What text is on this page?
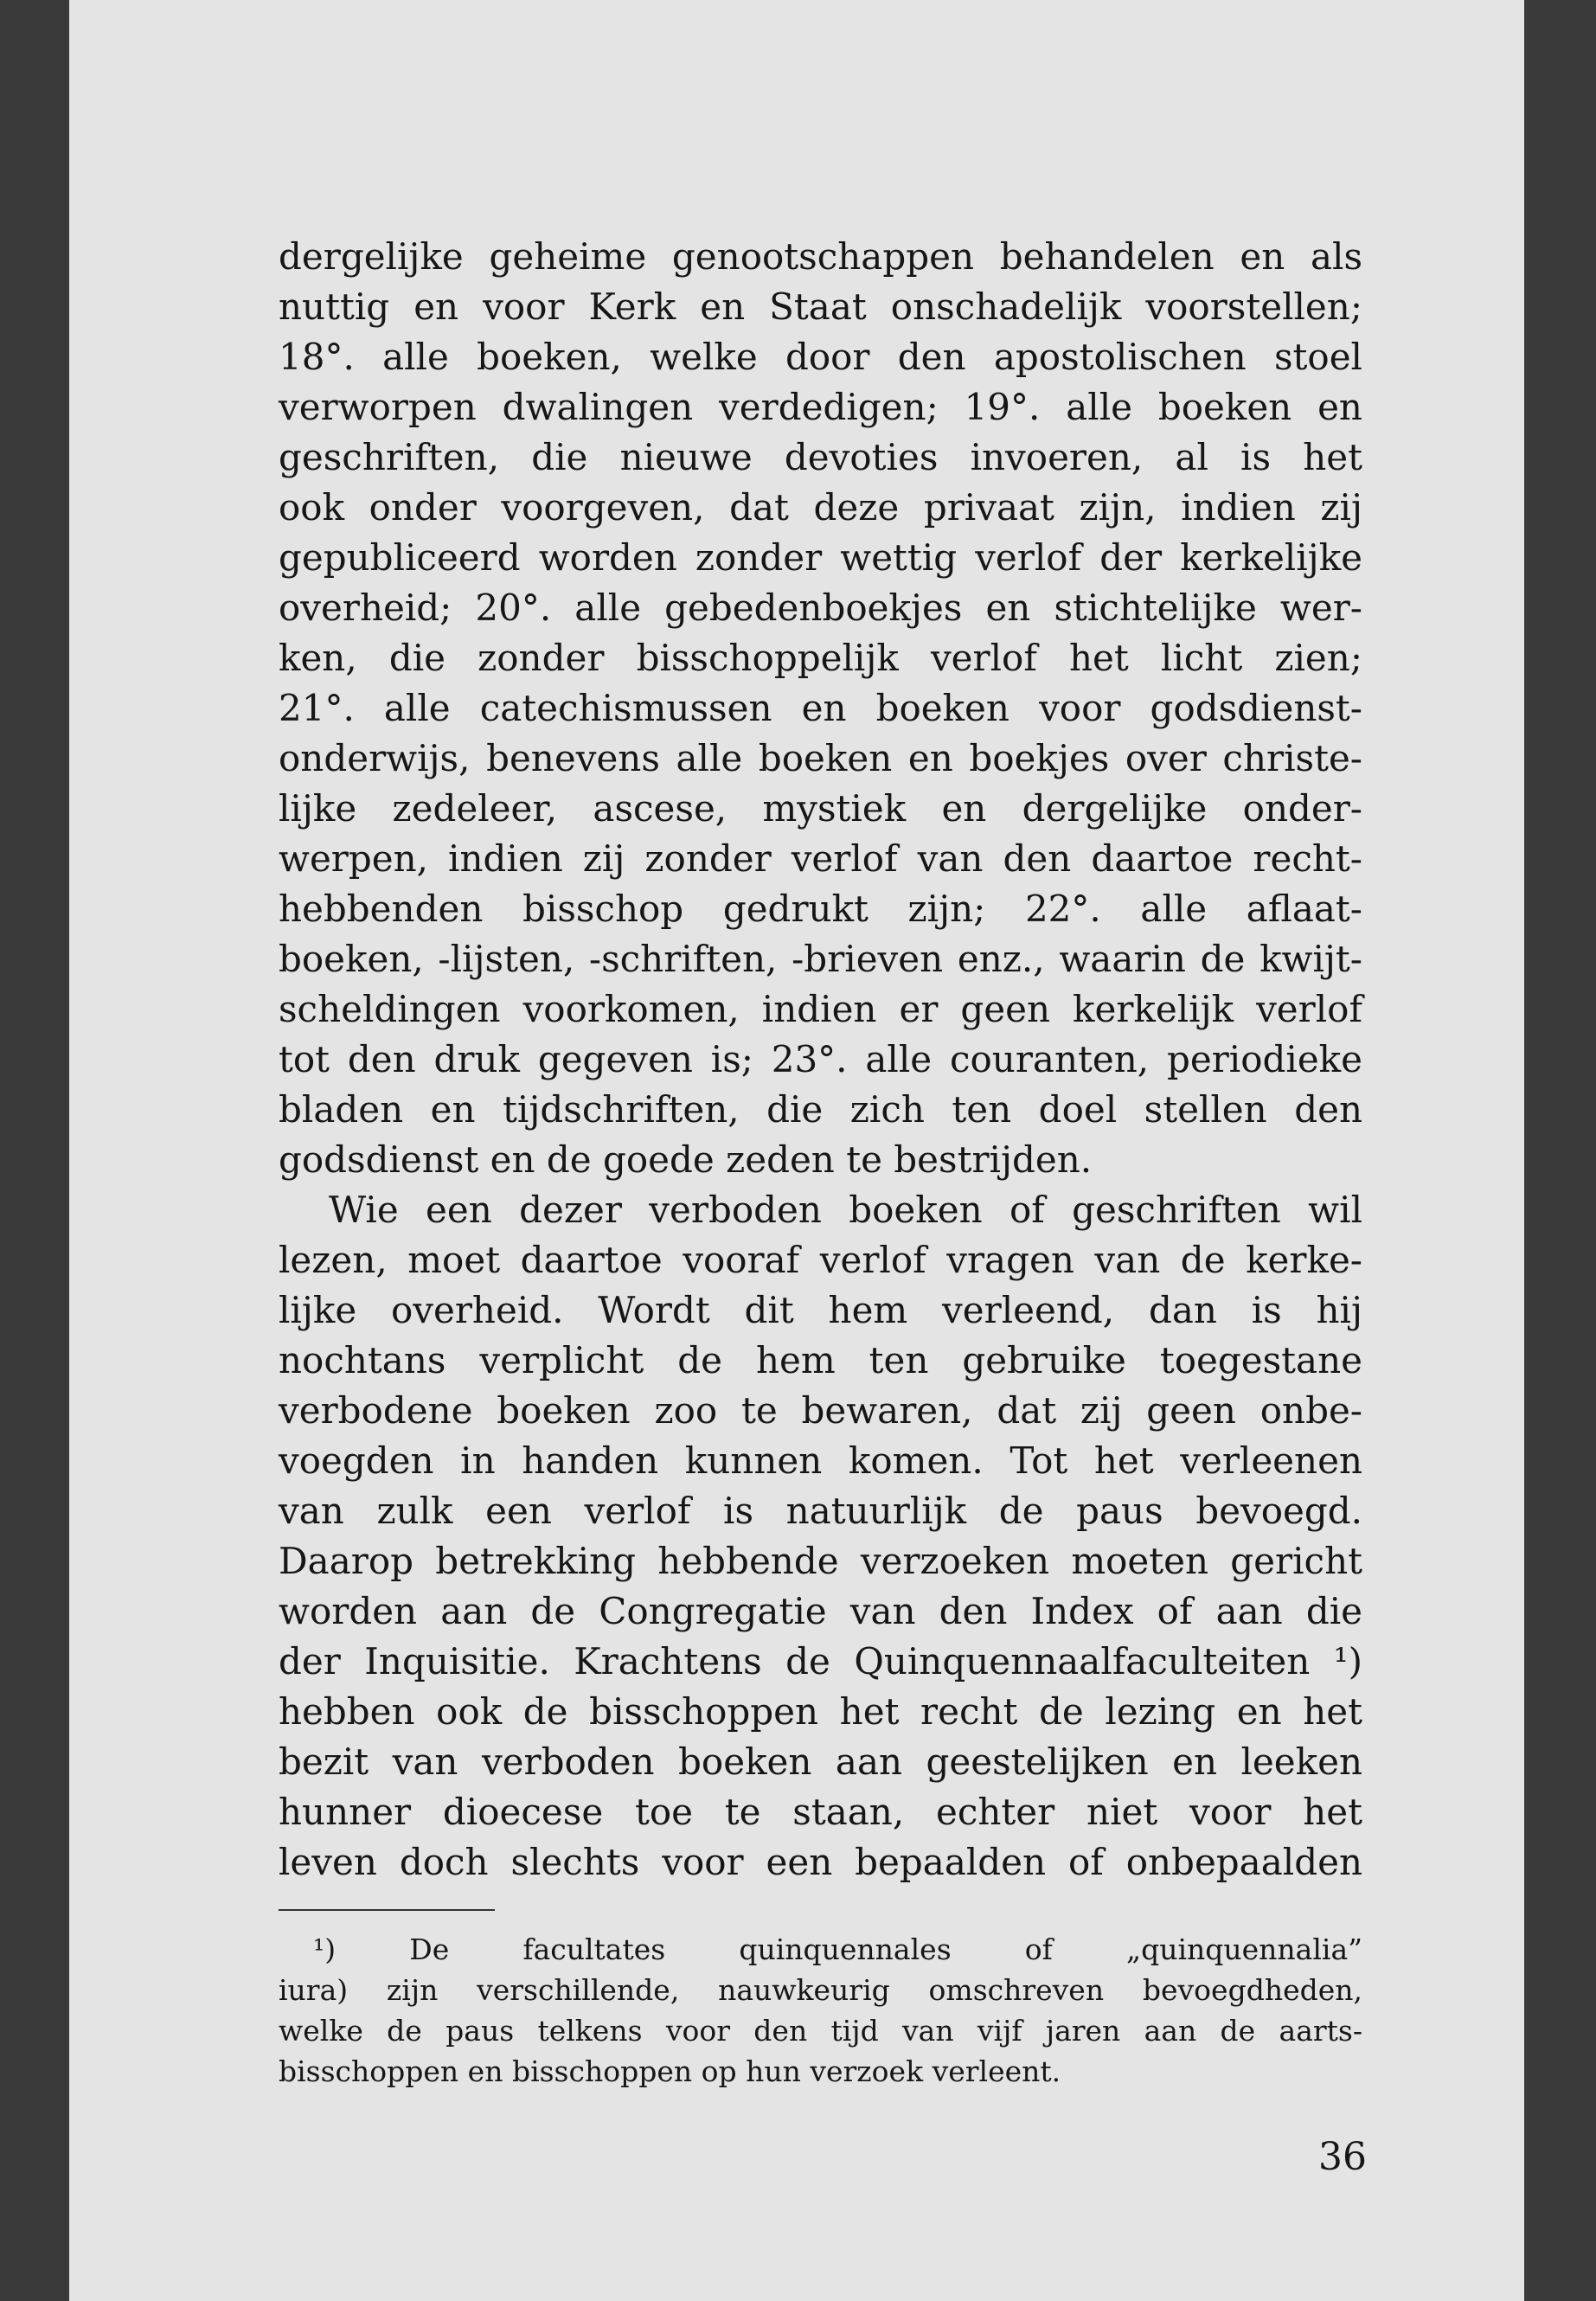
dergelijke geheime genootschappen behandelen en als
nuttig en voor Kerk en Staat onschadelijk voorstellen;
18°. alle boeken, welke door den apostolischen stoel
verworpen dwalingen verdedigen; 19°. alle boeken en
geschriften, die nieuwe devoties invoeren, al is het
ook onder voorgeven, dat deze privaat zijn, indien zij
gepubliceerd worden zonder wettig verlof der kerkelijke
overheid; 20°. alle gebedenboekjes en stichtelijke wer-
ken, die zonder bisschoppelijk verlof het licht zien;
21°. alle catechismussen en boeken voor godsdienst-
onderwijs, benevens alle boeken en boekjes over christe-
lijke zedeleer, ascese, mystiek en dergelijke onder-
werpen, indien zij zonder verlof van den daartoe recht-
hebbenden bisschop gedrukt zijn; 22°. alle aflaat-
boeken, -lijsten, -schriften, -brieven enz., waarin de kwijt-
scheldingen voorkomen, indien er geen kerkelijk verlof
tot den druk gegeven is; 23°. alle couranten, periodieke
bladen en tijdschriften, die zich ten doel stellen den
godsdienst en de goede zeden te bestrijden.
Wie een dezer verboden boeken of geschriften wil
lezen, moet daartoe vooraf verlof vragen van de kerke-
lijke overheid. Wordt dit hem verleend, dan is hij
nochtans verplicht de hem ten gebruike toegestane
verbodene boeken zoo te bewaren, dat zij geen onbe-
voegden in handen kunnen komen. Tot het verleenen
van zulk een verlof is natuurlijk de paus bevoegd.
Daarop betrekking hebbende verzoeken moeten gericht
worden aan de Congregatie van den Index of aan die
der Inquisitie. Krachtens de Quinquennaalfaculteiten ¹)
hebben ook de bisschoppen het recht de lezing en het
bezit van verboden boeken aan geestelijken en leeken
hunner dioecese toe te staan, echter niet voor het
leven doch slechts voor een bepaalden of onbepaalden
¹) De facultates quinquennales of „quinquennalia”
iura) zijn verschillende, nauwkeurig omschreven bevoegdheden,
welke de paus telkens voor den tijd van vijf jaren aan de aarts-
bisschoppen en bisschoppen op hun verzoek verleent.
36
